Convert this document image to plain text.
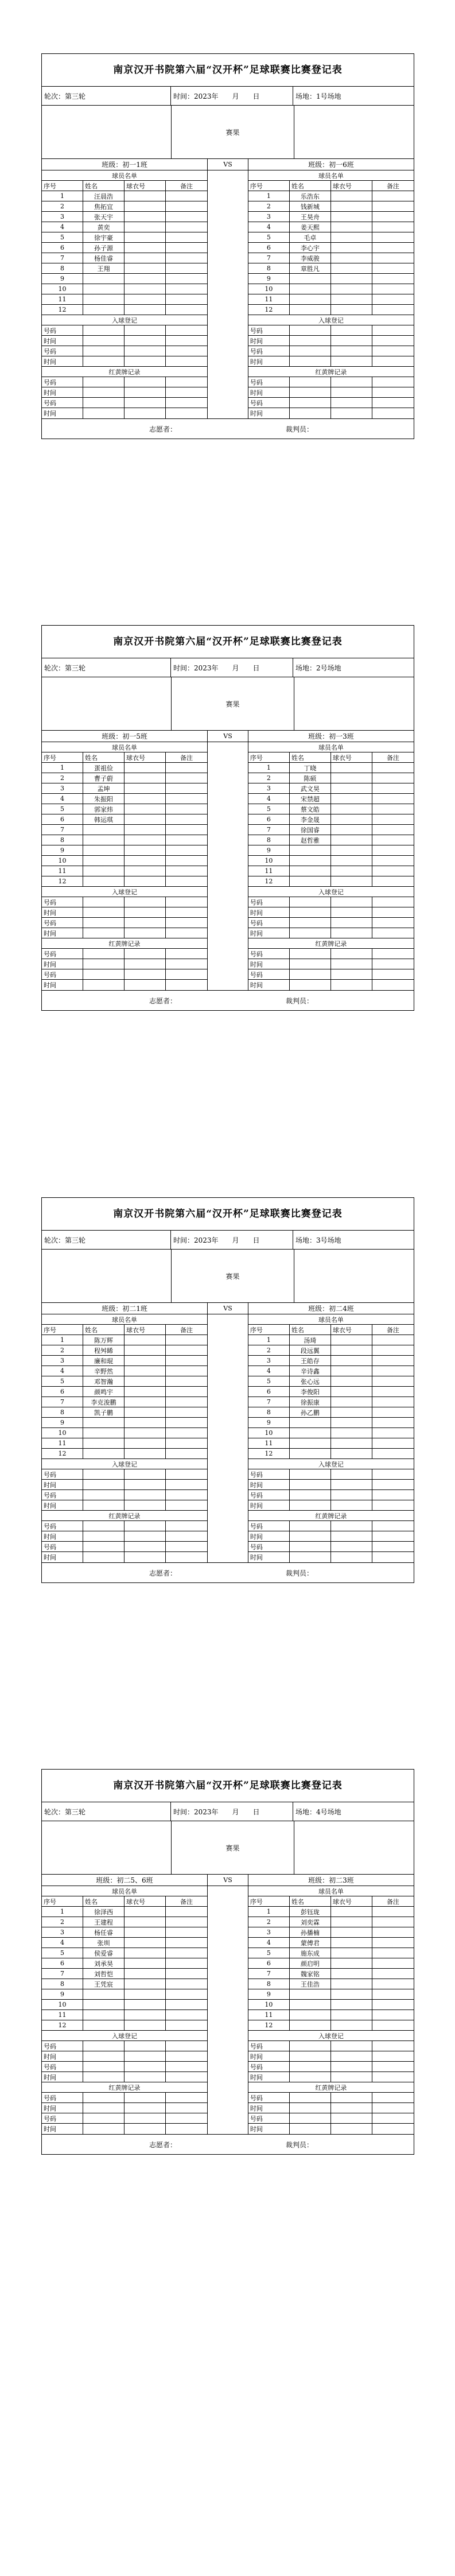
南京汉开书院第六届“汉开杯”足球联赛比赛登记表
轮次：第三轮	时间：2023年　　月　　日	场地：1号场地
赛果
班级：初一1班
球员名单
序号	姓名	球衣号	备注
1	汪晨浩
2	焦拓宜
3	张天宇
4	黄奕
5	徐宇豪
6	孙子源
7	杨佳睿
8	王翔
9
10
11
12
入球登记
号码
时间
号码
时间
红黄牌记录
号码
时间
号码
时间
VS	班级：初一6班
球员名单
序号	姓名	球衣号	备注
1	乐浩东
2	钱新城
3	王昊舟
4	姜天熙
5	毛卓
6	李心宇
7	李威骏
8	章胜凡
9
10
11
12
入球登记
号码
时间
号码
时间
红黄牌记录
号码
时间
号码
时间
志愿者：	裁判员：
南京汉开书院第六届“汉开杯”足球联赛比赛登记表
轮次：第三轮	时间：2023年　　月　　日	场地：2号场地
赛果
班级：初一5班
球员名单
序号	姓名	球衣号	备注
1	蛋祖俭
2	曹子蔚
3	孟坤
4	朱振阳
5	郭家炜
6	韩运琪
7
8
9
10
11
12
入球登记
号码
时间
号码
时间
红黄牌记录
号码
时间
号码
时间
VS	班级：初一3班
球员名单
序号	姓名	球衣号	备注
1	丁晓
2	陈硕
3	武文昊
4	宋禁超
5	蔡文皓
6	李金晟
7	徐国睿
8	赵哲雅
9
10
11
12
入球登记
号码
时间
号码
时间
红黄牌记录
号码
时间
号码
时间
志愿者：	裁判员：
南京汉开书院第六届“汉开杯”足球联赛比赛登记表
轮次：第三轮	时间：2023年　　月　　日	场地：3号场地
赛果
班级：初二1班
球员名单
序号	姓名	球衣号	备注
1	陈万辉
2	程舛睎
3	廉和琨
4	辛野然
5	邓智瀚
6	颜鸣宇
7	李克浚鹏
8	凯子鹏
9
10
11
12
入球登记
号码
时间
号码
时间
红黄牌记录
号码
时间
号码
时间
VS	班级：初二4班
球员名单
序号	姓名	球衣号	备注
1	汤琦
2	段远翼
3	王皓存
4	辛诗鑫
5	张心远
6	李俊阳
7	徐振康
8	孙乙鹏
9
10
11
12
入球登记
号码
时间
号码
时间
红黄牌记录
号码
时间
号码
时间
志愿者：	裁判员：
南京汉开书院第六届“汉开杯”足球联赛比赛登记表
轮次：第三轮	时间：2023年　　月　　日	场地：4号场地
赛果
班级：初二5、6班
球员名单
序号	姓名	球衣号	备注
1	徐泽西
2	王建程
3	杨任睿
4	张圳
5	侯爱睿
6	刘承昊
7	刘哲恺
8	王凭宸
9
10
11
12
入球登记
号码
时间
号码
时间
红黄牌记录
号码
时间
号码
时间
VS	班级：初二3班
球员名单
序号	姓名	球衣号	备注
1	彭钰珑
2	刘奕霖
3	孙播楠
4	蒙傅君
5	施东成
6	颜启明
7	魏家铭
8	王佳浩
9
10
11
12
入球登记
号码
时间
号码
时间
红黄牌记录
号码
时间
号码
时间
志愿者：	裁判员：
